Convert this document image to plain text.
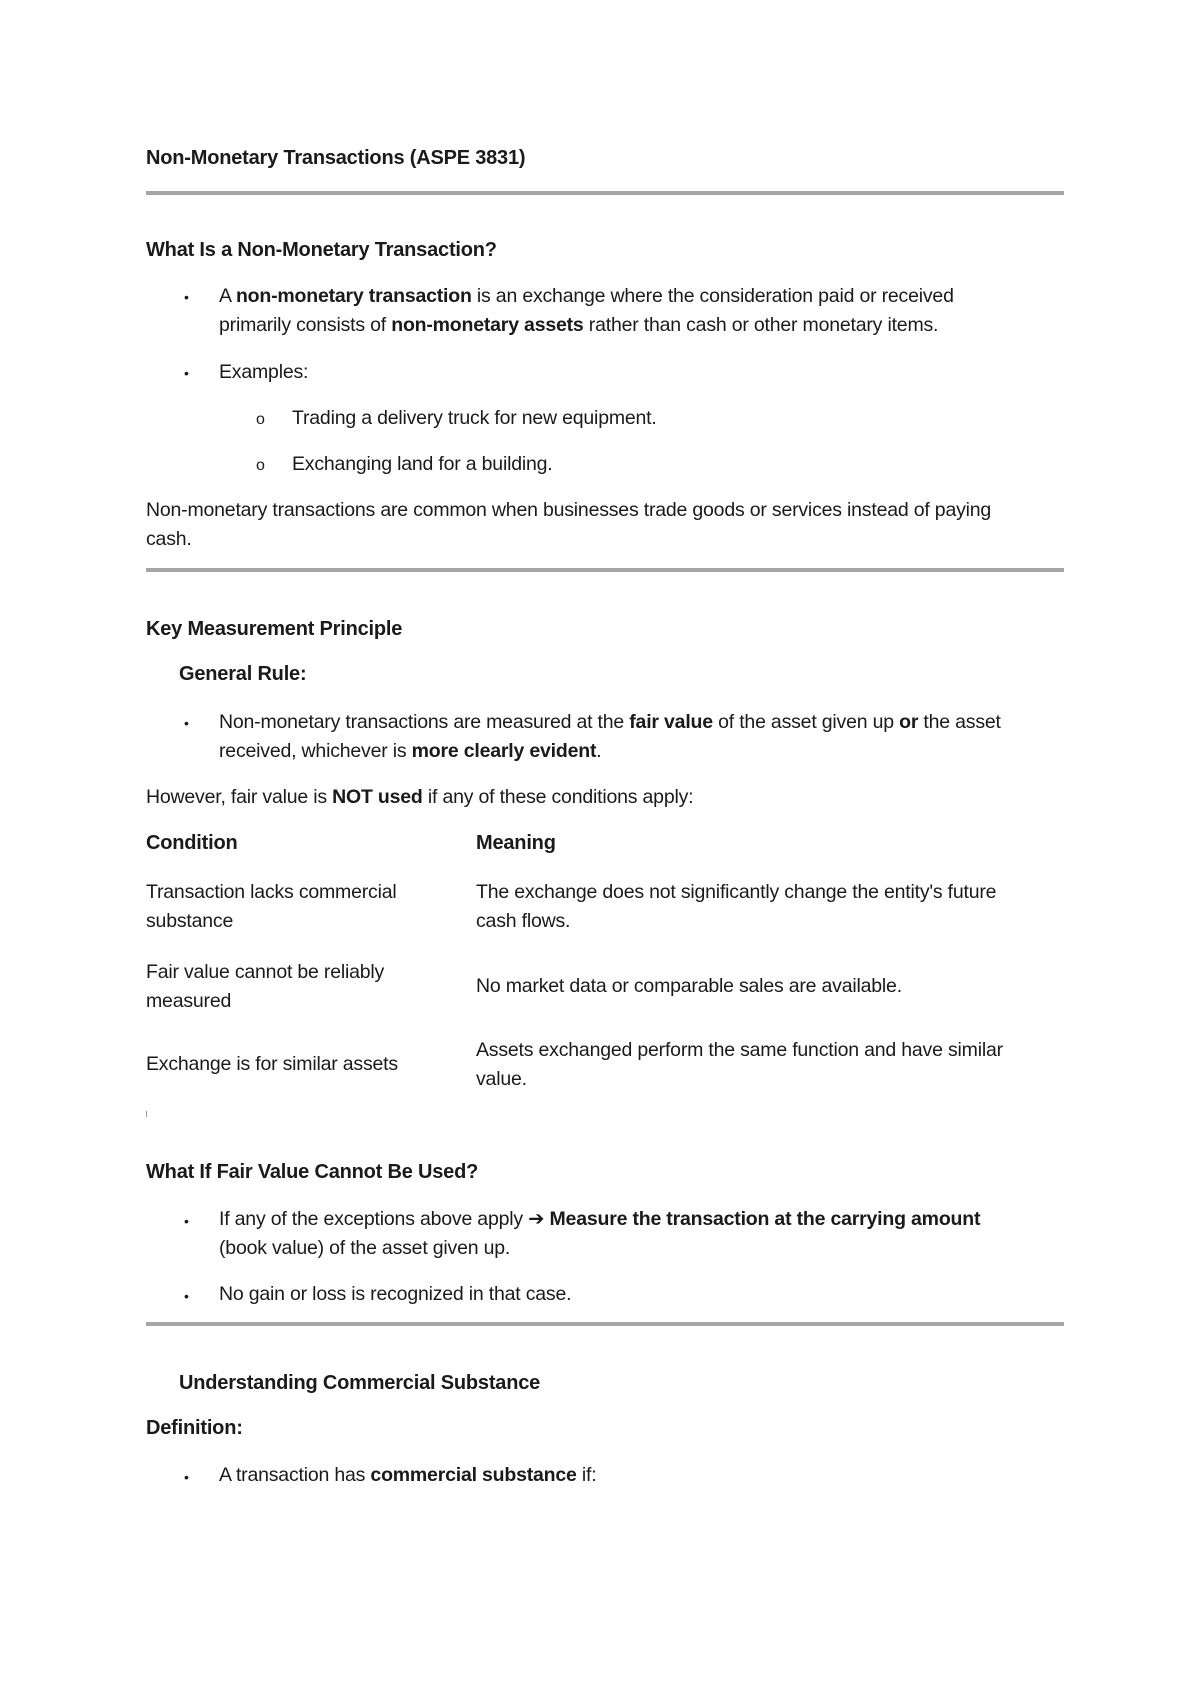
Non-Monetary Transactions (ASPE 3831)
What Is a Non-Monetary Transaction?
• A non-monetary transaction is an exchange where the consideration paid or received
primarily consists of non-monetary assets rather than cash or other monetary items.
• Examples:
o Trading a delivery truck for new equipment.
o Exchanging land for a building.
Non-monetary transactions are common when businesses trade goods or services instead of paying
cash.
Key Measurement Principle
General Rule:
• Non-monetary transactions are measured at the fair value of the asset given up or the asset
received, whichever is more clearly evident.
However, fair value is NOT used if any of these conditions apply:
Condition	Meaning
Transaction lacks commercial
substance
The exchange does not significantly change the entity's future
cash flows.
Fair value cannot be reliably
measured
No market data or comparable sales are available.
Exchange is for similar assets
Assets exchanged perform the same function and have similar
value.
What If Fair Value Cannot Be Used?
• If any of the exceptions above apply ➔ Measure the transaction at the carrying amount
(book value) of the asset given up.
• No gain or loss is recognized in that case.
Understanding Commercial Substance
Definition:
• A transaction has commercial substance if:
